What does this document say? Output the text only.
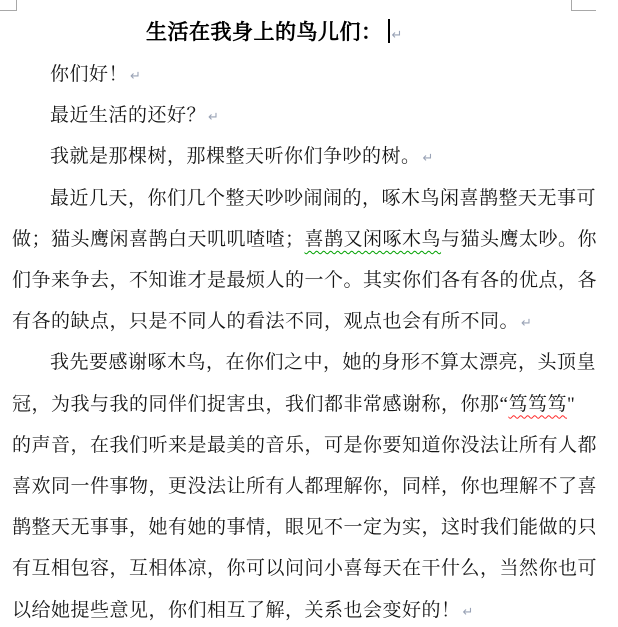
生活在我身上的鸟儿们： ↵
你们好！ ↵
最近生活的还好？ ↵
我就是那棵树，那棵整天听你们争吵的树。 ↵
最近几天，你们几个整天吵吵闹闹的，啄木鸟闲喜鹊整天无事可
做；猫头鹰闲喜鹊白天叽叽喳喳；喜鹊又闲啄木鸟与猫头鹰太吵。你
们争来争去，不知谁才是最烦人的一个。其实你们各有各的优点，各
有各的缺点，只是不同人的看法不同，观点也会有所不同。 ↵
我先要感谢啄木鸟，在你们之中，她的身形不算太漂亮，头顶皇
冠，为我与我的同伴们捉害虫，我们都非常感谢称，你那“笃笃笃"
的声音，在我们听来是最美的音乐，可是你要知道你没法让所有人都
喜欢同一件事物，更没法让所有人都理解你，同样，你也理解不了喜
鹊整天无事事，她有她的事情，眼见不一定为实，这时我们能做的只
有互相包容，互相体凉，你可以问问小喜每天在干什么，当然你也可
以给她提些意见，你们相互了解，关系也会变好的！ ↵
